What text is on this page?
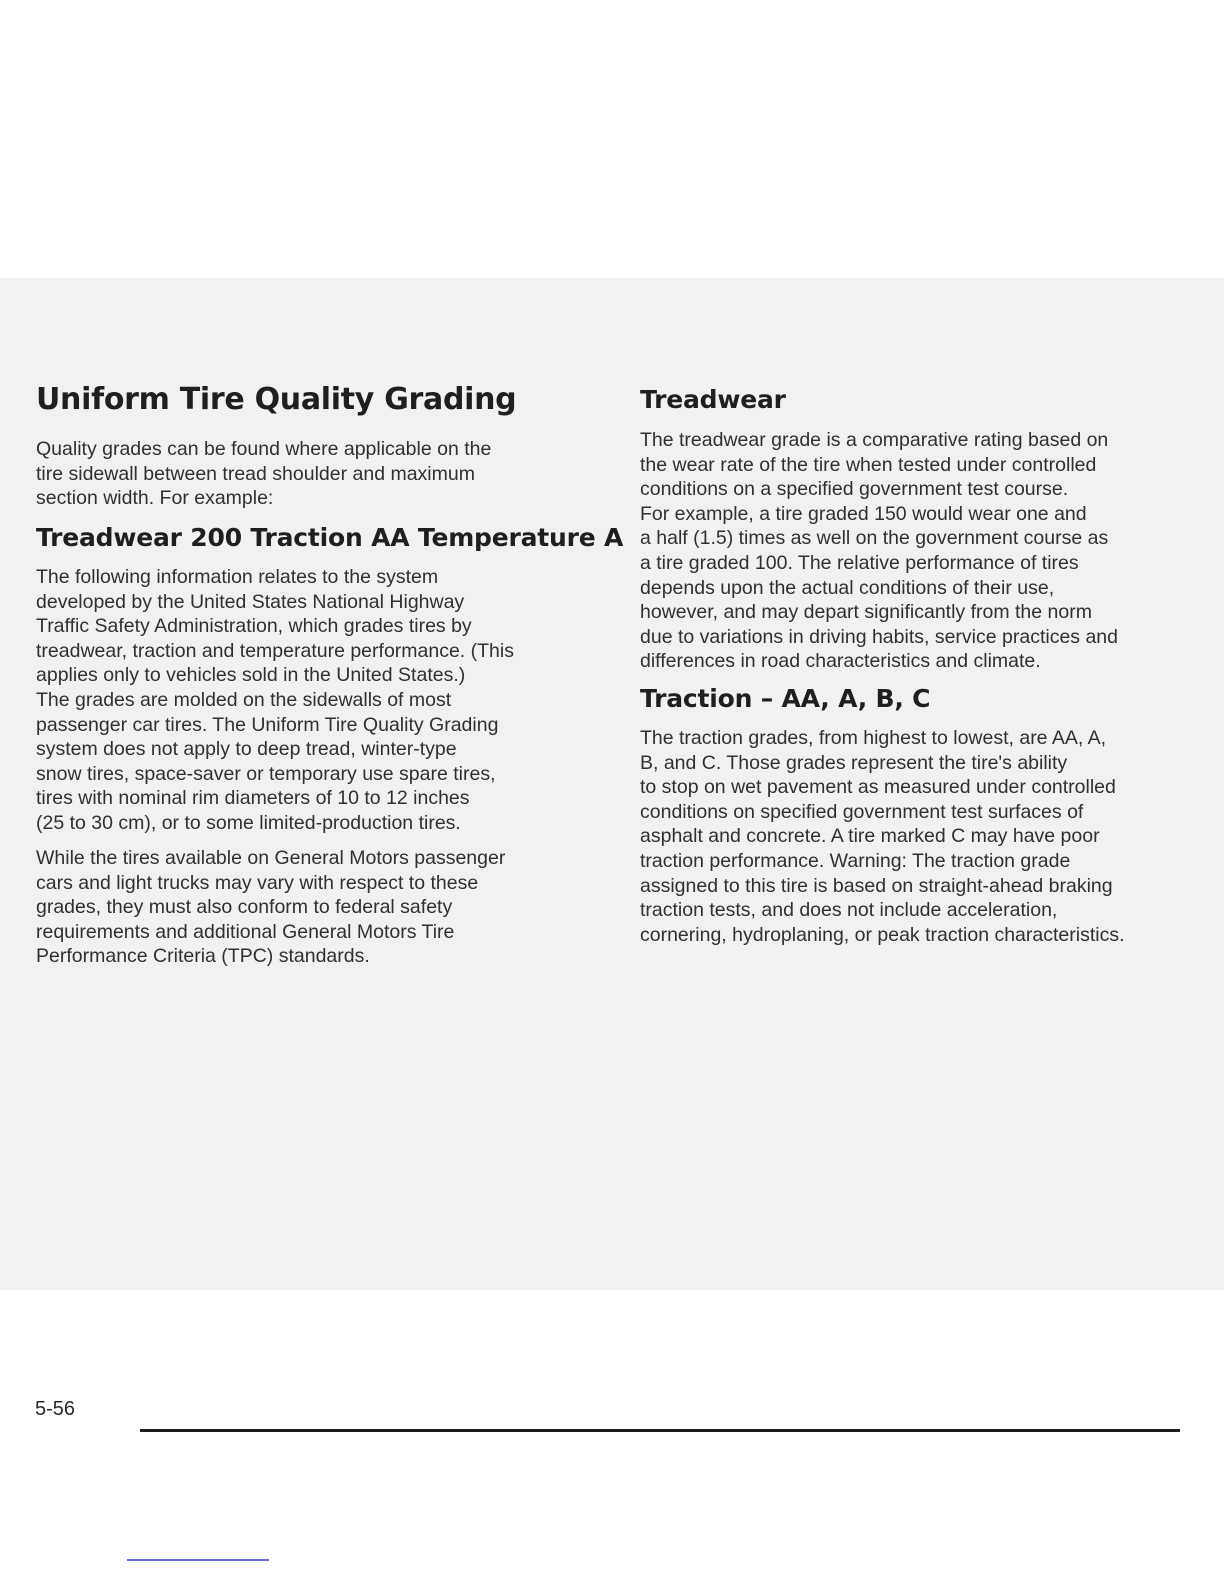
Uniform Tire Quality Grading

Quality grades can be found where applicable on the
tire sidewall between tread shoulder and maximum
section width. For example:

Treadwear 200 Traction AA Temperature A

The following information relates to the system
developed by the United States National Highway
Traffic Safety Administration, which grades tires by
treadwear, traction and temperature performance. (This
applies only to vehicles sold in the United States.)
The grades are molded on the sidewalls of most
passenger car tires. The Uniform Tire Quality Grading
system does not apply to deep tread, winter-type
snow tires, space-saver or temporary use spare tires,
tires with nominal rim diameters of 10 to 12 inches
(25 to 30 cm), or to some limited-production tires.

While the tires available on General Motors passenger
cars and light trucks may vary with respect to these
grades, they must also conform to federal safety
requirements and additional General Motors Tire
Performance Criteria (TPC) standards.

Treadwear

The treadwear grade is a comparative rating based on
the wear rate of the tire when tested under controlled
conditions on a specified government test course.
For example, a tire graded 150 would wear one and
a half (1.5) times as well on the government course as
a tire graded 100. The relative performance of tires
depends upon the actual conditions of their use,
however, and may depart significantly from the norm
due to variations in driving habits, service practices and
differences in road characteristics and climate.

Traction – AA, A, B, C

The traction grades, from highest to lowest, are AA, A,
B, and C. Those grades represent the tire's ability
to stop on wet pavement as measured under controlled
conditions on specified government test surfaces of
asphalt and concrete. A tire marked C may have poor
traction performance. Warning: The traction grade
assigned to this tire is based on straight-ahead braking
traction tests, and does not include acceleration,
cornering, hydroplaning, or peak traction characteristics.

5-56
